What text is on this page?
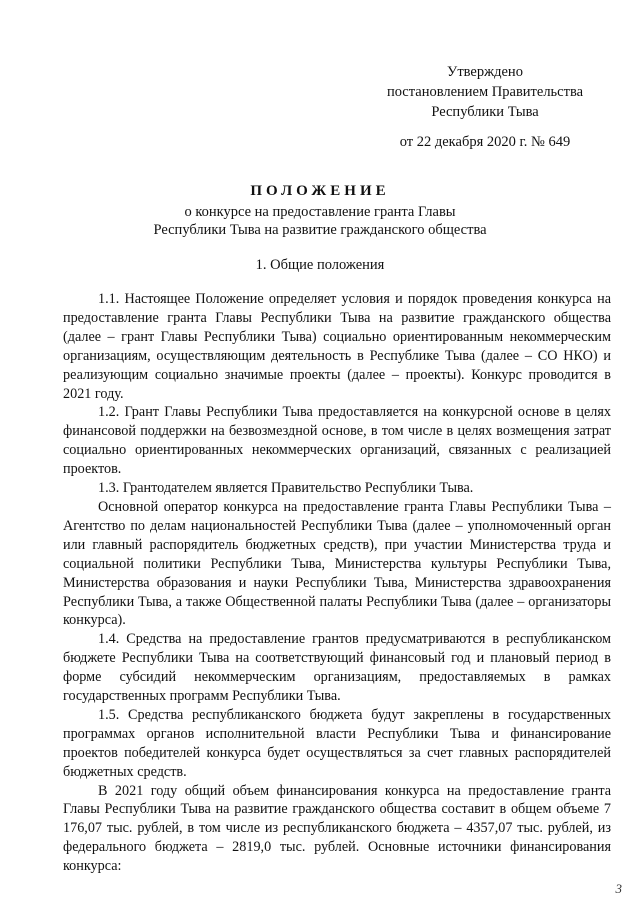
Утверждено
постановлением Правительства
Республики Тыва
от 22 декабря 2020 г. № 649
ПОЛОЖЕНИЕ
о конкурсе на предоставление гранта Главы
Республики Тыва на развитие гражданского общества
1. Общие положения

1.1. Настоящее Положение определяет условия и порядок проведения конкурса на предоставление гранта Главы Республики Тыва на развитие гражданского общества (далее – грант Главы Республики Тыва) социально ориентированным некоммерческим организациям, осуществляющим деятельность в Республике Тыва (далее – СО НКО) и реализующим социально значимые проекты (далее – проекты). Конкурс проводится в 2021 году.

1.2. Грант Главы Республики Тыва предоставляется на конкурсной основе в целях финансовой поддержки на безвозмездной основе, в том числе в целях возмещения затрат социально ориентированных некоммерческих организаций, связанных с реализацией проектов.

1.3. Грантодателем является Правительство Республики Тыва.

Основной оператор конкурса на предоставление гранта Главы Республики Тыва – Агентство по делам национальностей Республики Тыва (далее – уполномоченный орган или главный распорядитель бюджетных средств), при участии Министерства труда и социальной политики Республики Тыва, Министерства культуры Республики Тыва, Министерства образования и науки Республики Тыва, Министерства здравоохранения Республики Тыва, а также Общественной палаты Республики Тыва (далее – организаторы конкурса).

1.4. Средства на предоставление грантов предусматриваются в республиканском бюджете Республики Тыва на соответствующий финансовый год и плановый период в форме субсидий некоммерческим организациям, предоставляемых в рамках государственных программ Республики Тыва.

1.5. Средства республиканского бюджета будут закреплены в государственных программах органов исполнительной власти Республики Тыва и финансирование проектов победителей конкурса будет осуществляться за счет главных распорядителей бюджетных средств.

В 2021 году общий объем финансирования конкурса на предоставление гранта Главы Республики Тыва на развитие гражданского общества составит в общем объеме 7 176,07 тыс. рублей, в том числе из республиканского бюджета – 4357,07 тыс. рублей, из федерального бюджета – 2819,0 тыс. рублей. Основные источники финансирования конкурса:

3
